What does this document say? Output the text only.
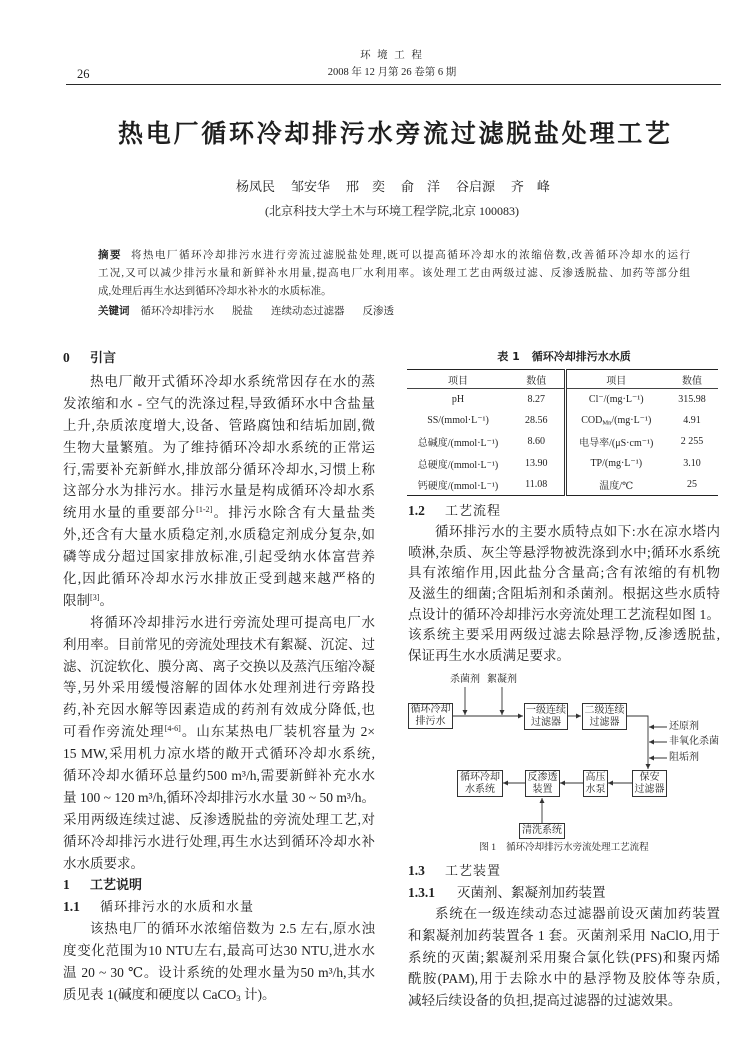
环 境 工 程
2008 年 12 月第 26 卷第 6 期
26
热电厂循环冷却排污水旁流过滤脱盐处理工艺
杨凤民 邹安华 邢　奕 俞　洋 谷启源 齐　峰
(北京科技大学土木与环境工程学院,北京 100083)
摘要 将热电厂循环冷却排污水进行旁流过滤脱盐处理,既可以提高循环冷却水的浓缩倍数,改善循环冷却水的运行
工况,又可以减少排污水量和新鲜补水用量,提高电厂水利用率。该处理工艺由两级过滤、反渗透脱盐、加药等部分组
成,处理后再生水达到循环冷却水补水的水质标准。
关键词 循环冷却排污水 脱盐 连续动态过滤器 反渗透
0 引言
热电厂敞开式循环冷却水系统常因存在水的蒸
发浓缩和水 - 空气的洗涤过程,导致循环水中含盐量
上升,杂质浓度增大,设备、管路腐蚀和结垢加剧,微
生物大量繁殖。为了维持循环冷却水系统的正常运
行,需要补充新鲜水,排放部分循环冷却水,习惯上称
这部分水为排污水。排污水量是构成循环冷却水系
统用水量的重要部分[1-2]。排污水除含有大量盐类
外,还含有大量水质稳定剂,水质稳定剂成分复杂,如
磷等成分超过国家排放标准,引起受纳水体富营养
化,因此循环冷却水污水排放正受到越来越严格的
限制[3]。
将循环冷却排污水进行旁流处理可提高电厂水
利用率。目前常见的旁流处理技术有絮凝、沉淀、过
滤、沉淀软化、膜分离、离子交换以及蒸汽压缩冷凝
等,另外采用缓慢溶解的固体水处理剂进行旁路投
药,补充因水解等因素造成的药剂有效成分降低,也
可看作旁流处理[4-6]。山东某热电厂装机容量为 2×
15 MW,采用机力凉水塔的敞开式循环冷却水系统,
循环冷却水循环总量约500 m³/h,需要新鲜补充水水
量 100 ~ 120 m³/h,循环冷却排污水水量 30 ~ 50 m³/h。
采用两级连续过滤、反渗透脱盐的旁流处理工艺,对
循环冷却排污水进行处理,再生水达到循环冷却水补
水水质要求。
1 工艺说明
1.1 循环排污水的水质和水量
该热电厂的循环水浓缩倍数为 2.5 左右,原水浊
度变化范围为10 NTU左右,最高可达30 NTU,进水水
温 20 ~ 30 ℃。设计系统的处理水量为50 m³/h,其水
质见表 1(碱度和硬度以 CaCO$_3$ 计)。
表 1 循环冷却排污水水质
项目	数值	项目	数值
pH	8.27	Cl⁻/(mg·L⁻¹)	315.98
SS/(mmol·L⁻¹)	28.56	$COD_{Mn}/(mg\cdot L^{-1})$	4.91
总碱度/(mmol·L⁻¹)	8.60	电导率/(μS·cm⁻¹)	2 255
总硬度/(mmol·L⁻¹)	13.90	TP/(mg·L⁻¹)	3.10
钙硬度/(mmol·L⁻¹)	11.08	温度/℃	25
1.2 工艺流程
循环排污水的主要水质特点如下:水在凉水塔内
喷淋,杂质、灰尘等悬浮物被洗涤到水中;循环水系统
具有浓缩作用,因此盐分含量高;含有浓缩的有机物
及滋生的细菌;含阻垢剂和杀菌剂。根据这些水质特
点设计的循环冷却排污水旁流处理工艺流程如图 1。
该系统主要采用两级过滤去除悬浮物,反渗透脱盐,
保证再生水水质满足要求。
杀菌剂 絮凝剂
还原剂
非氧化杀菌
阻垢剂
循环冷却
排污水
一级连续
过滤器
二级连续
过滤器
保安
过滤器
高压
水泵
反渗透
装置
循环冷却
水系统
清洗系统
图 1 循环冷却排污水旁流处理工艺流程
1.3 工艺装置
1.3.1 灭菌剂、絮凝剂加药装置
系统在一级连续动态过滤器前设灭菌加药装置
和絮凝剂加药装置各 1 套。灭菌剂采用 NaClO,用于
系统的灭菌;絮凝剂采用聚合氯化铁(PFS)和聚丙烯
酰胺(PAM),用于去除水中的悬浮物及胶体等杂质,
减轻后续设备的负担,提高过滤器的过滤效果。
